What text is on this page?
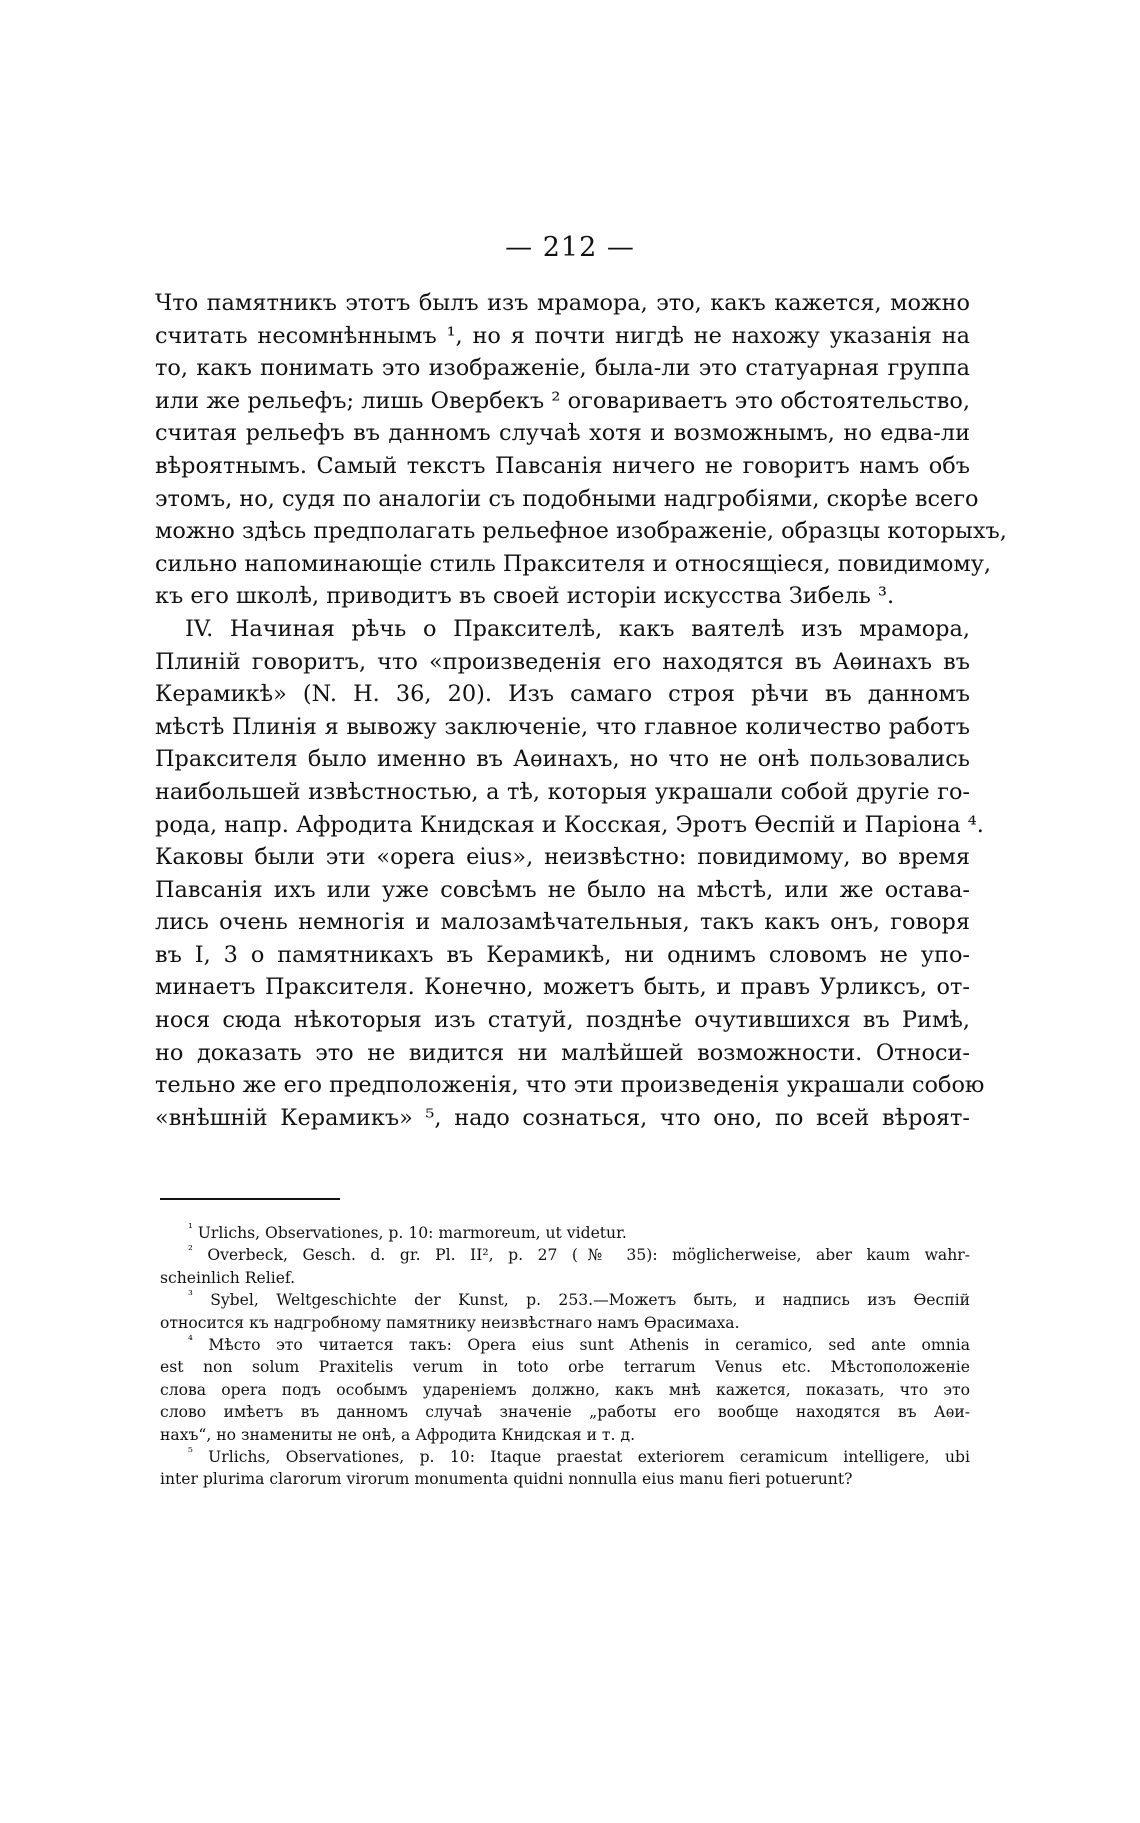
— 212 —
Что памятникъ этотъ былъ изъ мрамора, это, какъ кажется, можно
считать несомнѣннымъ ¹, но я почти нигдѣ не нахожу указанія на
то, какъ понимать это изображеніе, была-ли это статуарная группа
или же рельефъ; лишь Овербекъ ² оговариваетъ это обстоятельство,
считая рельефъ въ данномъ случаѣ хотя и возможнымъ, но едва-ли
вѣроятнымъ. Самый текстъ Павсанія ничего не говоритъ намъ объ
этомъ, но, судя по аналогіи съ подобными надгробіями, скорѣе всего
можно здѣсь предполагать рельефное изображеніе, образцы которыхъ,
сильно напоминающіе стиль Праксителя и относящіеся, повидимому,
къ его школѣ, приводитъ въ своей исторіи искусства Зибель ³.
IV. Начиная рѣчь о Праксителѣ, какъ ваятелѣ изъ мрамора,
Плиній говоритъ, что «произведенія его находятся въ Аѳинахъ въ
Керамикѣ» (N. H. 36, 20). Изъ самаго строя рѣчи въ данномъ
мѣстѣ Плинія я вывожу заключеніе, что главное количество работъ
Праксителя было именно въ Аѳинахъ, но что не онѣ пользовались
наибольшей извѣстностью, а тѣ, которыя украшали собой другіе го-
рода, напр. Афродита Книдская и Косская, Эротъ Ѳеспій и Паріона ⁴.
Каковы были эти «opera eius», неизвѣстно: повидимому, во время
Павсанія ихъ или уже совсѣмъ не было на мѣстѣ, или же остава-
лись очень немногія и малозамѣчательныя, такъ какъ онъ, говоря
въ I, 3 о памятникахъ въ Керамикѣ, ни однимъ словомъ не упо-
минаетъ Праксителя. Конечно, можетъ быть, и правъ Урликсъ, от-
нося сюда нѣкоторыя изъ статуй, позднѣе очутившихся въ Римѣ,
но доказать это не видится ни малѣйшей возможности. Относи-
тельно же его предположенія, что эти произведенія украшали собою
«внѣшній Керамикъ» ⁵, надо сознаться, что оно, по всей вѣроят-
$^{^1}$ Urlichs, Observationes, p. 10: marmoreum, ut videtur.
$^{^2}$ Overbeck, Gesch. d. gr. Pl. II², p. 27 (№ 35): möglicherweise, aber kaum wahr-
scheinlich Relief.
$^{^3}$ Sybel, Weltgeschichte der Kunst, p. 253.—Можетъ быть, и надпись изъ Ѳеспій
относится къ надгробному памятнику неизвѣстнаго намъ Ѳрасимаха.
$^{^4}$ Мѣсто это читается такъ: Opera eius sunt Athenis in ceramico, sed ante omnia
est non solum Praxitelis verum in toto orbe terrarum Venus etc. Мѣстоположеніе
слова opera подъ особымъ удареніемъ должно, какъ мнѣ кажется, показать, что это
слово имѣетъ въ данномъ случаѣ значеніе „работы его вообще находятся въ Аѳи-
нахъ“, но знамениты не онѣ, а Афродита Книдская и т. д.
$^{^5}$ Urlichs, Observationes, p. 10: Itaque praestat exteriorem ceramicum intelligere, ubi
inter plurima clarorum virorum monumenta quidni nonnulla eius manu fieri potuerunt?
